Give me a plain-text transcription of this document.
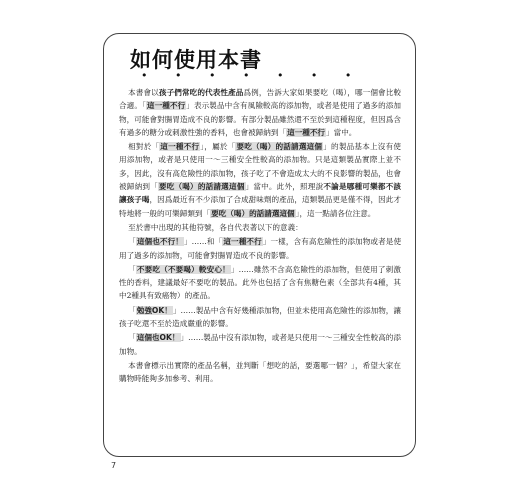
如何使用本書
• • • • • • •

本書會以孩子們常吃的代表性產品爲例，告訴大家如果要吃（喝），哪一個會比較合適。「這一種不行」表示製品中含有風險較高的添加物，或者是使用了過多的添加物，可能會對腸胃造成不良的影響。有部分製品雖然還不至於到這種程度，但因爲含有過多的糖分或刺激性強的香料，也會被歸納到「這一種不行」當中。

相對於「這一種不行」，屬於「要吃（喝）的話請選這個」的製品基本上沒有使用添加物，或者是只使用一～三種安全性較高的添加物。只是這類製品實際上並不多，因此，沒有高危險性的添加物，孩子吃了不會造成太大的不良影響的製品，也會被歸納到「要吃（喝）的話請選這個」當中。此外，照理說不論是哪種可樂都不該讓孩子喝，因爲最近有不少添加了合成甜味劑的產品，這類製品更是僅不得，因此才特地將一般的可樂歸類到「要吃（喝）的話請選這個」，這一點請各位注意。

至於書中出現的其他符號，各自代表著以下的意義：

「這個也不行！」……和「這一種不行」一樣，含有高危險性的添加物或者是使用了過多的添加物，可能會對腸胃造成不良的影響。

「不要吃（不要喝）較安心！」……雖然不含高危險性的添加物，但使用了刺激性的香料，建議最好不要吃的製品。此外也包括了含有焦糖色素（全部共有4種，其中2種具有致癌物）的產品。

「勉強OK！」……製品中含有好幾種添加物，但並未使用高危險性的添加物，讓孩子吃還不至於造成嚴重的影響。

「這個也OK！」……製品中沒有添加物，或者是只使用一～三種安全性較高的添加物。

本書會標示出實際的產品名稱，並判斷「想吃的話，要選哪一個？」，希望大家在購物時能夠多加參考、利用。

7
